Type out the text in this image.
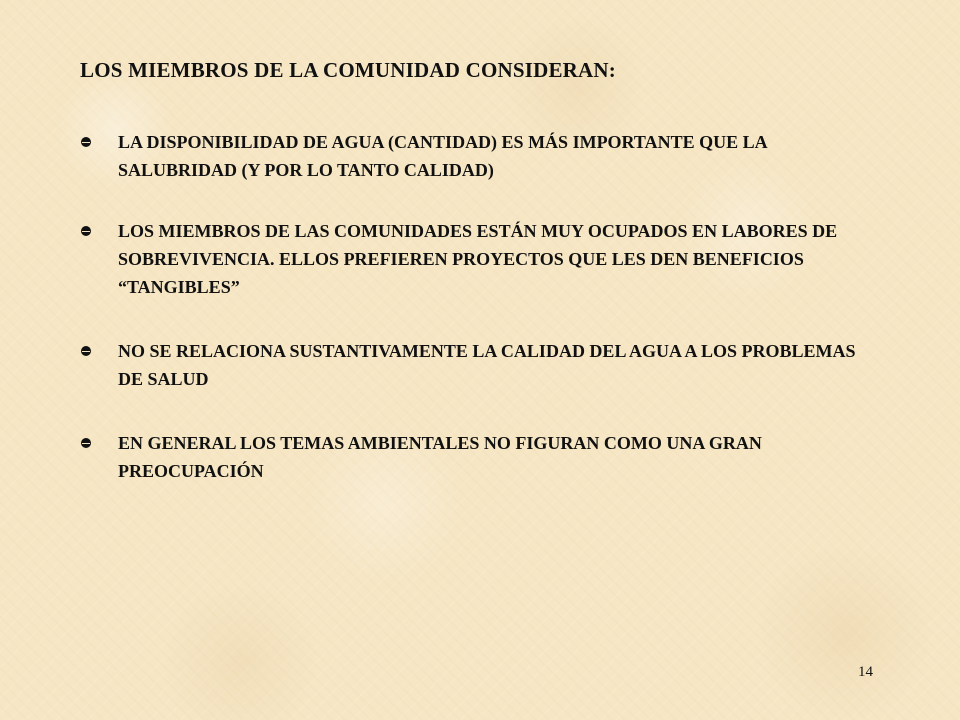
LOS MIEMBROS DE LA COMUNIDAD CONSIDERAN:
LA DISPONIBILIDAD DE AGUA (CANTIDAD) ES MÁS IMPORTANTE QUE LA SALUBRIDAD (Y POR LO TANTO CALIDAD)
LOS MIEMBROS DE LAS COMUNIDADES ESTÁN MUY OCUPADOS EN LABORES DE SOBREVIVENCIA. ELLOS PREFIEREN PROYECTOS QUE LES DEN BENEFICIOS “TANGIBLES”
NO SE RELACIONA SUSTANTIVAMENTE LA CALIDAD DEL AGUA A LOS PROBLEMAS DE SALUD
EN GENERAL LOS TEMAS AMBIENTALES NO FIGURAN COMO UNA GRAN PREOCUPACIÓN
14
